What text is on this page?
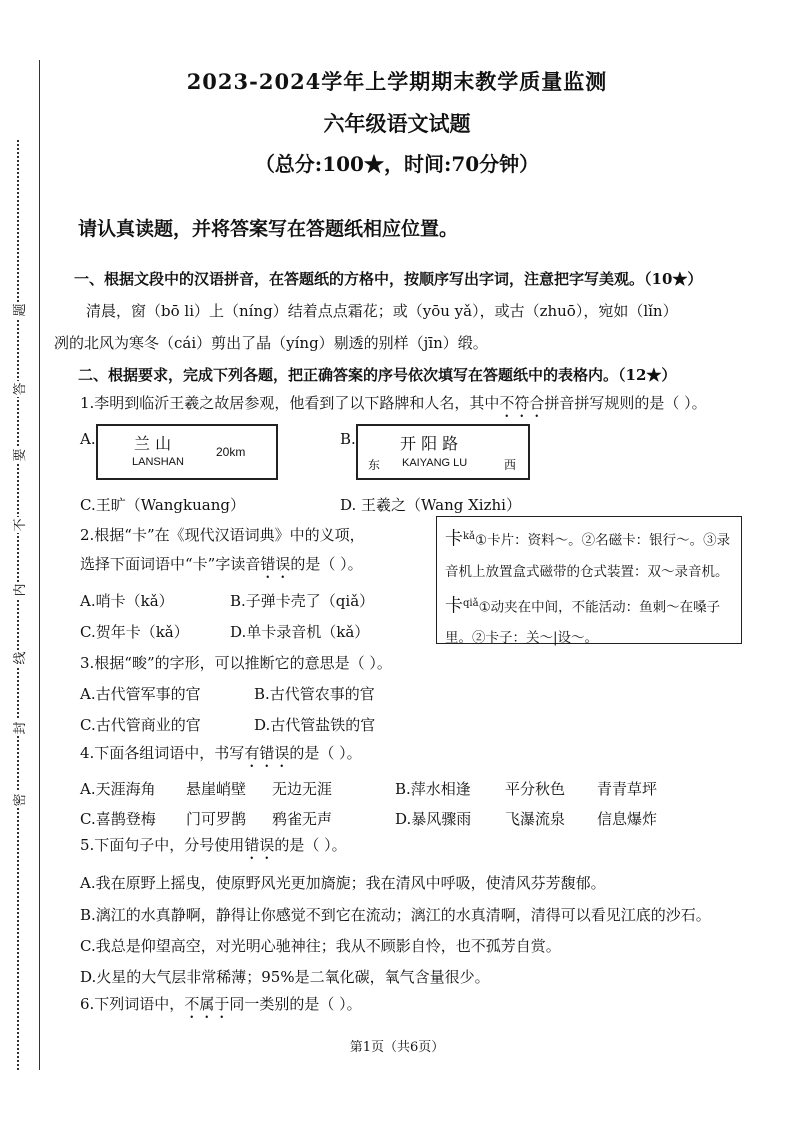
题
答
要
不
内
线
封
密
2023-2024学年上学期期末教学质量监测
六年级语文试题
（总分:100★，时间:70分钟）
请认真读题，并将答案写在答题纸相应位置。
一、根据文段中的汉语拼音，在答题纸的方格中，按顺序写出字词，注意把字写美观。（10★）
清晨，窗（bō li）上（níng）结着点点霜花；或（yōu yǎ），或古（zhuō），宛如（lǐn）
冽的北风为寒冬（cái）剪出了晶（yíng）剔透的别样（jīn）缎。
二、根据要求，完成下列各题，把正确答案的序号依次填写在答题纸中的表格内。（12★）
1.李明到临沂王羲之故居参观，他看到了以下路牌和人名，其中不符合拼音拼写规则的是（ ）。
A. 兰 山
LANSHAN
20km
B.	开 阳 路
东 KAIYANG LU	西
C.王旷（Wangkuang）	D. 王羲之（Wang Xizhi）
2.根据“卡”在《现代汉语词典》中的义项，
选择下面词语中“卡”字读音错误的是（ ）。
A.哨卡（kǎ）	B.子弹卡壳了（qiǎ）
C.贺年卡（kǎ）	D.单卡录音机（kǎ）
卡$^{kǎ}$①卡片：资料～。②名磁卡：银行～。③录音机上放置盒式磁带的仓式装置：双～录音机。
卡$^{qiǎ}$①动夹在中间，不能活动：鱼刺～在嗓子里。②卡子：关～|设～。
3.根据“畯”的字形，可以推断它的意思是（ ）。
A.古代管军事的官	B.古代管农事的官
C.古代管商业的官	D.古代管盐铁的官
4.下面各组词语中，书写有错误的是（ ）。
A.天涯海角 悬崖峭壁 无边无涯	B.萍水相逢 平分秋色 青青草坪
C.喜鹊登梅 门可罗鹊 鸦雀无声	D.暴风骤雨 飞瀑流泉 信息爆炸
5.下面句子中，分号使用错误的是（ ）。
A.我在原野上摇曳，使原野风光更加旖旎；我在清风中呼吸，使清风芬芳馥郁。
B.漓江的水真静啊，静得让你感觉不到它在流动；漓江的水真清啊，清得可以看见江底的沙石。
C.我总是仰望高空，对光明心驰神往；我从不顾影自怜，也不孤芳自赏。
D.火星的大气层非常稀薄；95%是二氧化碳，氧气含量很少。
6.下列词语中，不属于同一类别的是（ ）。
第1页（共6页）
